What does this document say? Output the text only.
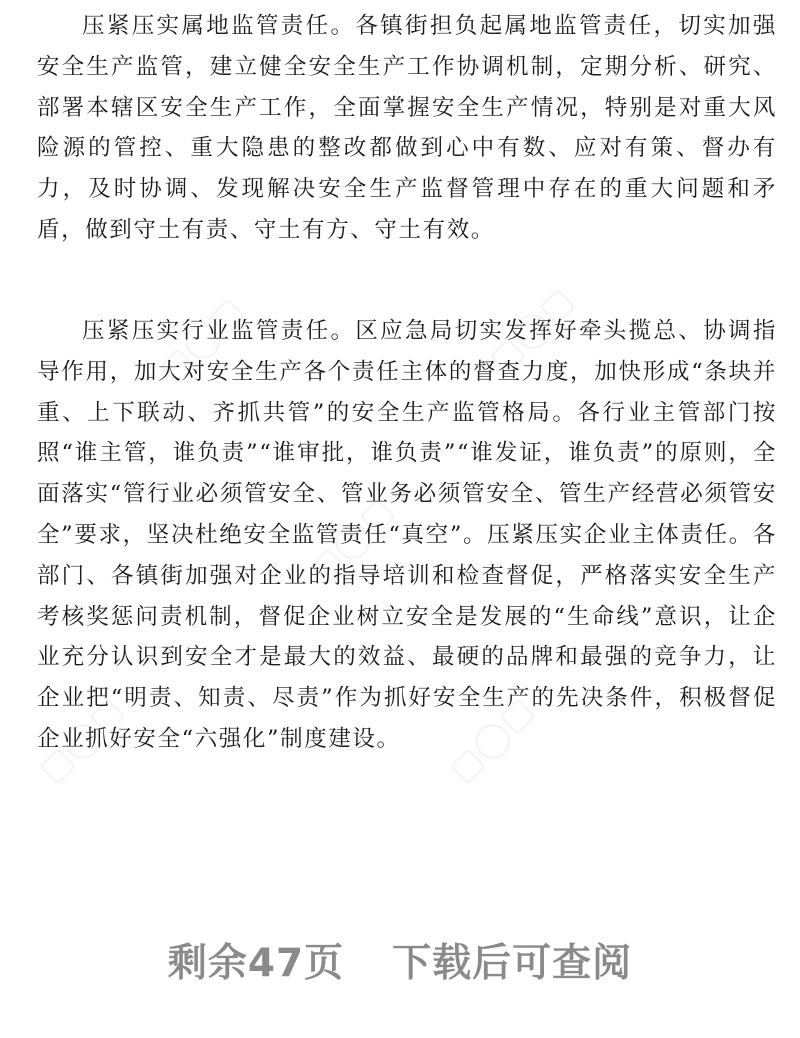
▢◯▢	▢◯▢
▢◯▢
▢◯▢	▢◯▢

压紧压实属地监管责任。各镇街担负起属地监管责任，切实加强安全生产监管，建立健全安全生产工作协调机制，定期分析、研究、部署本辖区安全生产工作，全面掌握安全生产情况，特别是对重大风险源的管控、重大隐患的整改都做到心中有数、应对有策、督办有力，及时协调、发现解决安全生产监督管理中存在的重大问题和矛盾，做到守土有责、守土有方、守土有效。

压紧压实行业监管责任。区应急局切实发挥好牵头揽总、协调指导作用，加大对安全生产各个责任主体的督查力度，加快形成“条块并重、上下联动、齐抓共管”的安全生产监管格局。各行业主管部门按照“谁主管，谁负责”“谁审批，谁负责”“谁发证，谁负责”的原则，全面落实“管行业必须管安全、管业务必须管安全、管生产经营必须管安全”要求，坚决杜绝安全监管责任“真空”。压紧压实企业主体责任。各部门、各镇街加强对企业的指导培训和检查督促，严格落实安全生产考核奖惩问责机制，督促企业树立安全是发展的“生命线”意识，让企业充分认识到安全才是最大的效益、最硬的品牌和最强的竞争力，让企业把“明责、知责、尽责”作为抓好安全生产的先决条件，积极督促企业抓好安全“六强化”制度建设。

剩余47页 下载后可查阅
